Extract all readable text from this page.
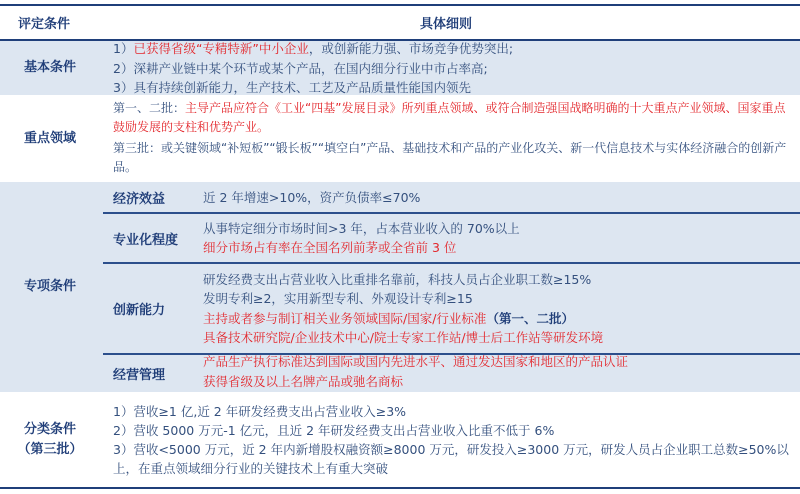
评定条件	具体细则
基本条件
1）已获得省级“专精特新”中小企业，或创新能力强、市场竞争优势突出;
2）深耕产业链中某个环节或某个产品，在国内细分行业中市占率高;
3）具有持续创新能力，生产技术、工艺及产品质量性能国内领先
重点领域
第一、二批：主导产品应符合《工业“四基”发展目录》所列重点领域、或符合制造强国战略明确的十大重点产业领域、国家重点鼓励发展的支柱和优势产业。
第三批：或关键领域“补短板”“锻长板”“填空白”产品、基础技术和产品的产业化攻关、新一代信息技术与实体经济融合的创新产品。
专项条件
经济效益	近 2 年增速>10%，资产负债率≤70%
专业化程度
从事特定细分市场时间>3 年，占本营业收入的 70%以上
细分市场占有率在全国名列前茅或全省前 3 位
创新能力
研发经费支出占营业收入比重排名靠前，科技人员占企业职工数≥15%
发明专利≥2，实用新型专利、外观设计专利≥15
主持或者参与制订相关业务领域国际/国家/行业标准（第一、二批）
具备技术研究院/企业技术中心/院士专家工作站/博士后工作站等研发环境
经营管理
产品生产执行标准达到国际或国内先进水平、通过发达国家和地区的产品认证
获得省级及以上名牌产品或驰名商标
分类条件
（第三批）
1）营收≥1 亿,近 2 年研发经费支出占营业收入≥3%
2）营收 5000 万元-1 亿元，且近 2 年研发经费支出占营业收入比重不低于 6%
3）营收<5000 万元，近 2 年内新增股权融资额≥8000 万元，研发投入≥3000 万元，研发人员占企业职工总数≥50%以上，在重点领域细分行业的关键技术上有重大突破
